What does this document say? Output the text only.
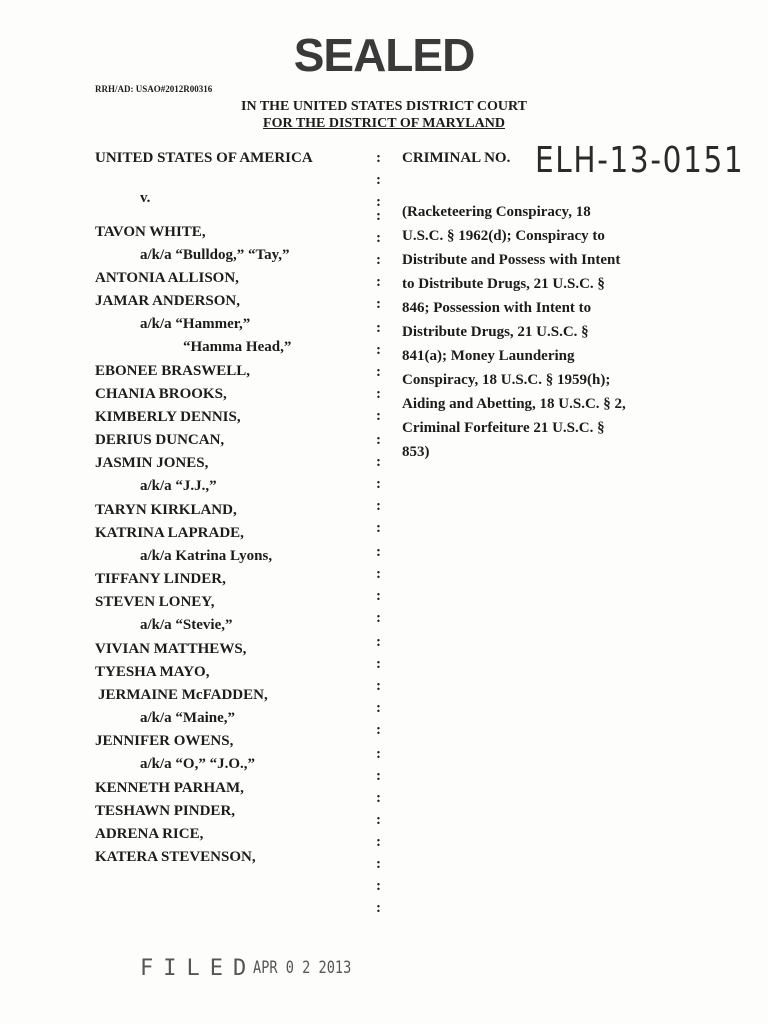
SEALED
RRH/AD: USAO#2012R00316
IN THE UNITED STATES DISTRICT COURT
FOR THE DISTRICT OF MARYLAND
UNITED STATES OF AMERICA
v.
TAVON WHITE,
a/k/a “Bulldog,” “Tay,”
ANTONIA ALLISON,
JAMAR ANDERSON,
a/k/a “Hammer,”
“Hamma Head,”
EBONEE BRASWELL,
CHANIA BROOKS,
KIMBERLY DENNIS,
DERIUS DUNCAN,
JASMIN JONES,
a/k/a “J.J.,”
TARYN KIRKLAND,
KATRINA LAPRADE,
a/k/a Katrina Lyons,
TIFFANY LINDER,
STEVEN LONEY,
a/k/a “Stevie,”
VIVIAN MATTHEWS,
TYESHA MAYO,
JERMAINE McFADDEN,
a/k/a “Maine,”
JENNIFER OWENS,
a/k/a “O,” “J.O.,”
KENNETH PARHAM,
TESHAWN PINDER,
ADRENA RICE,
KATERA STEVENSON,
:
:
:
:
:
:
:
:
:
:
:
:
:
:
:
:
:
:
:
:
:
:
:
:
:
:
:
:
:
:
:
:
:
:
:
CRIMINAL NO. ELH-13-0151
(Racketeering Conspiracy, 18
U.S.C. § 1962(d); Conspiracy to
Distribute and Possess with Intent
to Distribute Drugs, 21 U.S.C. §
846; Possession with Intent to
Distribute Drugs, 21 U.S.C. §
841(a); Money Laundering
Conspiracy, 18 U.S.C. § 1959(h);
Aiding and Abetting, 18 U.S.C. § 2,
Criminal Forfeiture 21 U.S.C. §
853)
FILED
APR 0 2 2013
